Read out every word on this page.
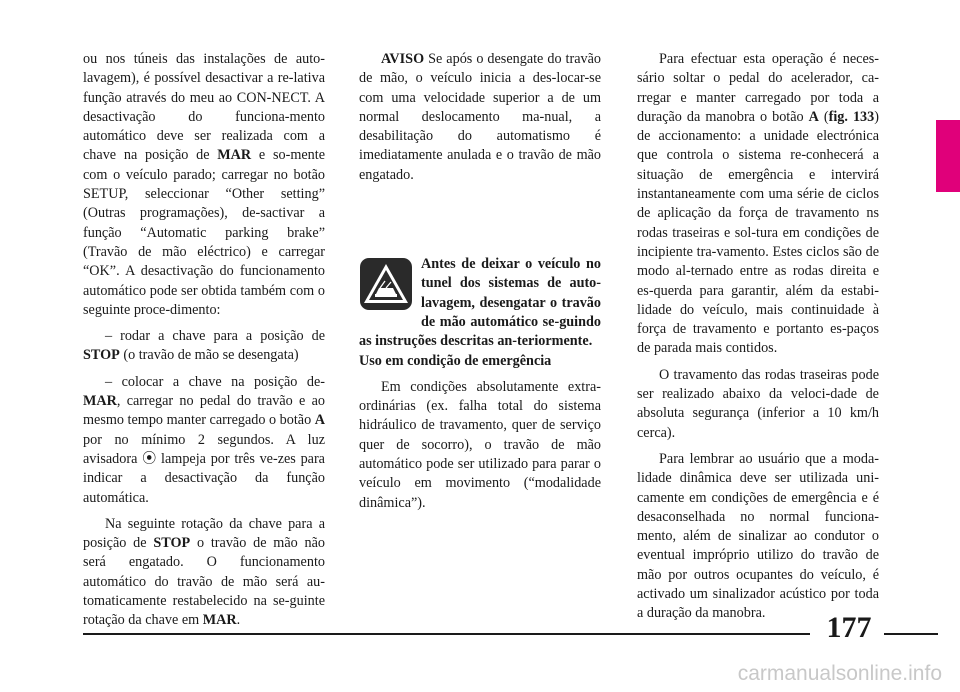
ou nos túneis das instalações de auto-lavagem), é possível desactivar a re-lativa função através do meu ao CON-NECT. A desactivação do funciona-mento automático deve ser realizada com a chave na posição de MAR e so-mente com o veículo parado; carregar no botão SETUP, seleccionar “Other setting” (Outras programações), de-sactivar a função “Automatic parking brake” (Travão de mão eléctrico) e carregar “OK”. A desactivação do funcionamento automático pode ser obtida também com o seguinte proce-dimento:

– rodar a chave para a posição de STOP (o travão de mão se desengata)

– colocar a chave na posição de-MAR, carregar no pedal do travão e ao mesmo tempo manter carregado o botão A por no mínimo 2 segundos. A luz avisadora ⦿ lampeja por três ve-zes para indicar a desactivação da função automática.

Na seguinte rotação da chave para a posição de STOP o travão de mão não será engatado. O funcionamento automático do travão de mão será au-tomaticamente restabelecido na se-guinte rotação da chave em MAR.

AVISO Se após o desengate do travão de mão, o veículo inicia a des-locar-se com uma velocidade superior a de um normal deslocamento ma-nual, a desabilitação do automatismo é imediatamente anulada e o travão de mão engatado.

Antes de deixar o veículo no tunel dos sistemas de auto-lavagem, desengatar o travão de mão automático se-guindo as instruções descritas an-teriormente.

Uso em condição de emergência

Em condições absolutamente extra-ordinárias (ex. falha total do sistema hidráulico de travamento, quer de serviço quer de socorro), o travão de mão automático pode ser utilizado para parar o veículo em movimento (“modalidade dinâmica”).

Para efectuar esta operação é neces-sário soltar o pedal do acelerador, ca-rregar e manter carregado por toda a duração da manobra o botão A (fig. 133) de accionamento: a unidade electrónica que controla o sistema re-conhecerá a situação de emergência e intervirá instantaneamente com uma série de ciclos de aplicação da força de travamento ns rodas traseiras e sol-tura em condições de incipiente tra-vamento. Estes ciclos são de modo al-ternado entre as rodas direita e es-querda para garantir, além da estabi-lidade do veículo, mais continuidade à força de travamento e portanto es-paços de parada mais contidos.

O travamento das rodas traseiras pode ser realizado abaixo da veloci-dade de absoluta segurança (inferior a 10 km/h cerca).

Para lembrar ao usuário que a moda-lidade dinâmica deve ser utilizada uni-camente em condições de emergência e é desaconselhada no normal funciona-mento, além de sinalizar ao condutor o eventual impróprio utilizo do travão de mão por outros ocupantes do veículo, é activado um sinalizador acústico por toda a duração da manobra.	177
carmanualsonline.info
